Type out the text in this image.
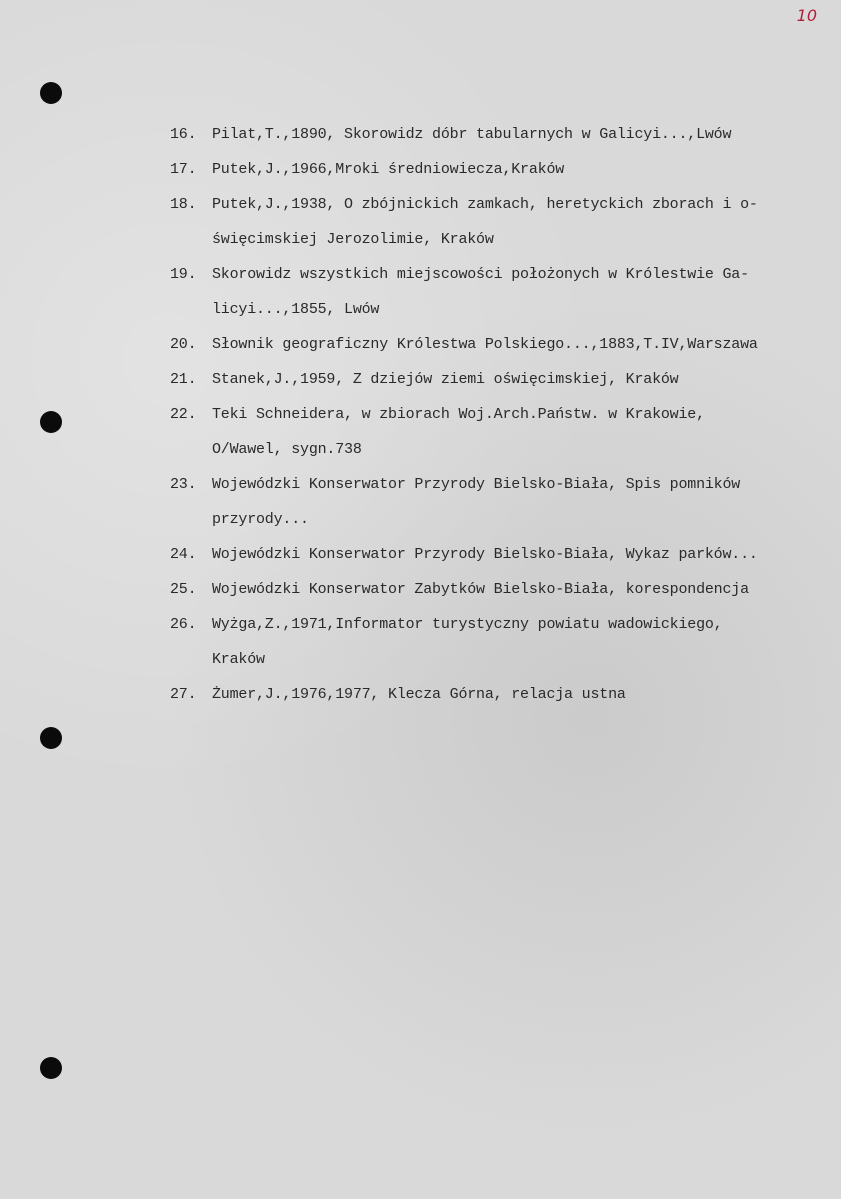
10
16.	Pilat,T.,1890, Skorowidz dóbr tabularnych w Galicyi...,Lwów
17.	Putek,J.,1966,Mroki średniowiecza,Kraków
18.	Putek,J.,1938, O zbójnickich zamkach, heretyckich zborach i o-
święcimskiej Jerozolimie, Kraków
19.	Skorowidz wszystkich miejscowości położonych w Królestwie Ga-
licyi...,1855, Lwów
20.	Słownik geograficzny Królestwa Polskiego...,1883,T.IV,Warszawa
21.	Stanek,J.,1959, Z dziejów ziemi oświęcimskiej, Kraków
22.	Teki Schneidera, w zbiorach Woj.Arch.Państw. w Krakowie,
O/Wawel, sygn.738
23.	Wojewódzki Konserwator Przyrody Bielsko-Biała, Spis pomników
przyrody...
24.	Wojewódzki Konserwator Przyrody Bielsko-Biała, Wykaz parków...
25.	Wojewódzki Konserwator Zabytków Bielsko-Biała, korespondencja
26.	Wyżga,Z.,1971,Informator turystyczny powiatu wadowickiego,
Kraków
27.	Żumer,J.,1976,1977, Klecza Górna, relacja ustna
